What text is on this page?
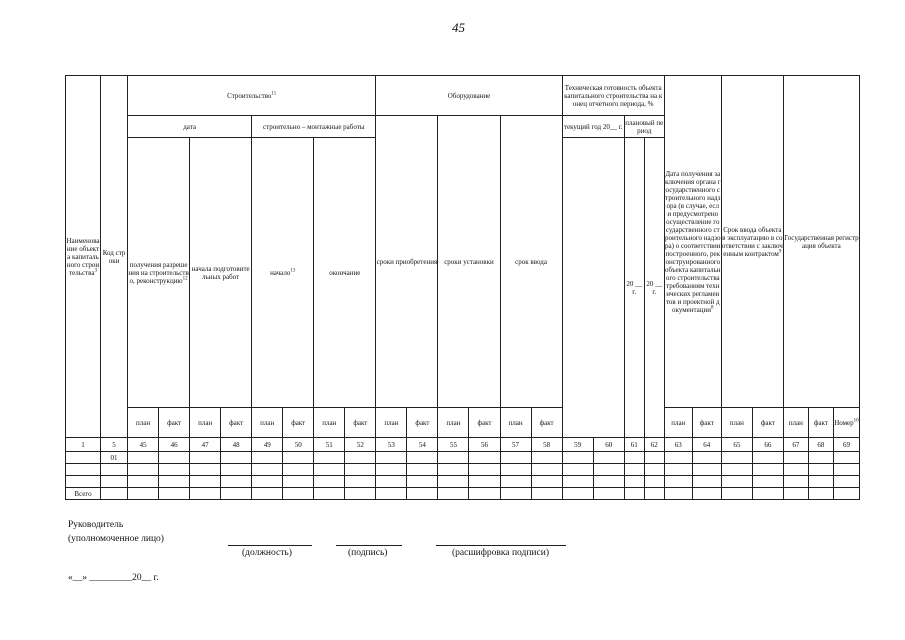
45
Наименование объекта капитального строительства$^3$	Код строки	Строительство$^{11}$								Оборудование						Техническая готовность объекта капитального строительства на конец отчетного периода, %				Дата получения заключения органа государственного строительного надзора (в случае, если предусмотрено осуществление государственного строительного надзора) о соответствии построенного, реконструированного объекта капитального строительства требованиям технических регламентов и проектной документации$^8$		Срок ввода объекта в эксплуатацию в соответствии с заключенным контрактом$^9$		Государственная регистрация объекта		
		дата				строительно – монтажные работы				сроки приобретения		сроки установки		срок ввода		текущий год 20__ г.		плановый период								
		получения разрешения на строительство, реконструкцию$^{12}$		начала подготовительных работ		начало$^{13}$		окончание										20 __ г.	20 __ г.							
		план	факт	план	факт	план	факт	план	факт	план	факт	план	факт	план	факт					план	факт	план	факт	план	факт	Номер$^{10}$
1	5	45	46	47	48	49	50	51	52	53	54	55	56	57	58	59	60	61	62	63	64	65	66	67	68	69
	01																									

Всего																										
Руководитель
(уполномоченное лицо)
(должность)	(подпись)	(расшифровка подписи)
«__» _________20__ г.
